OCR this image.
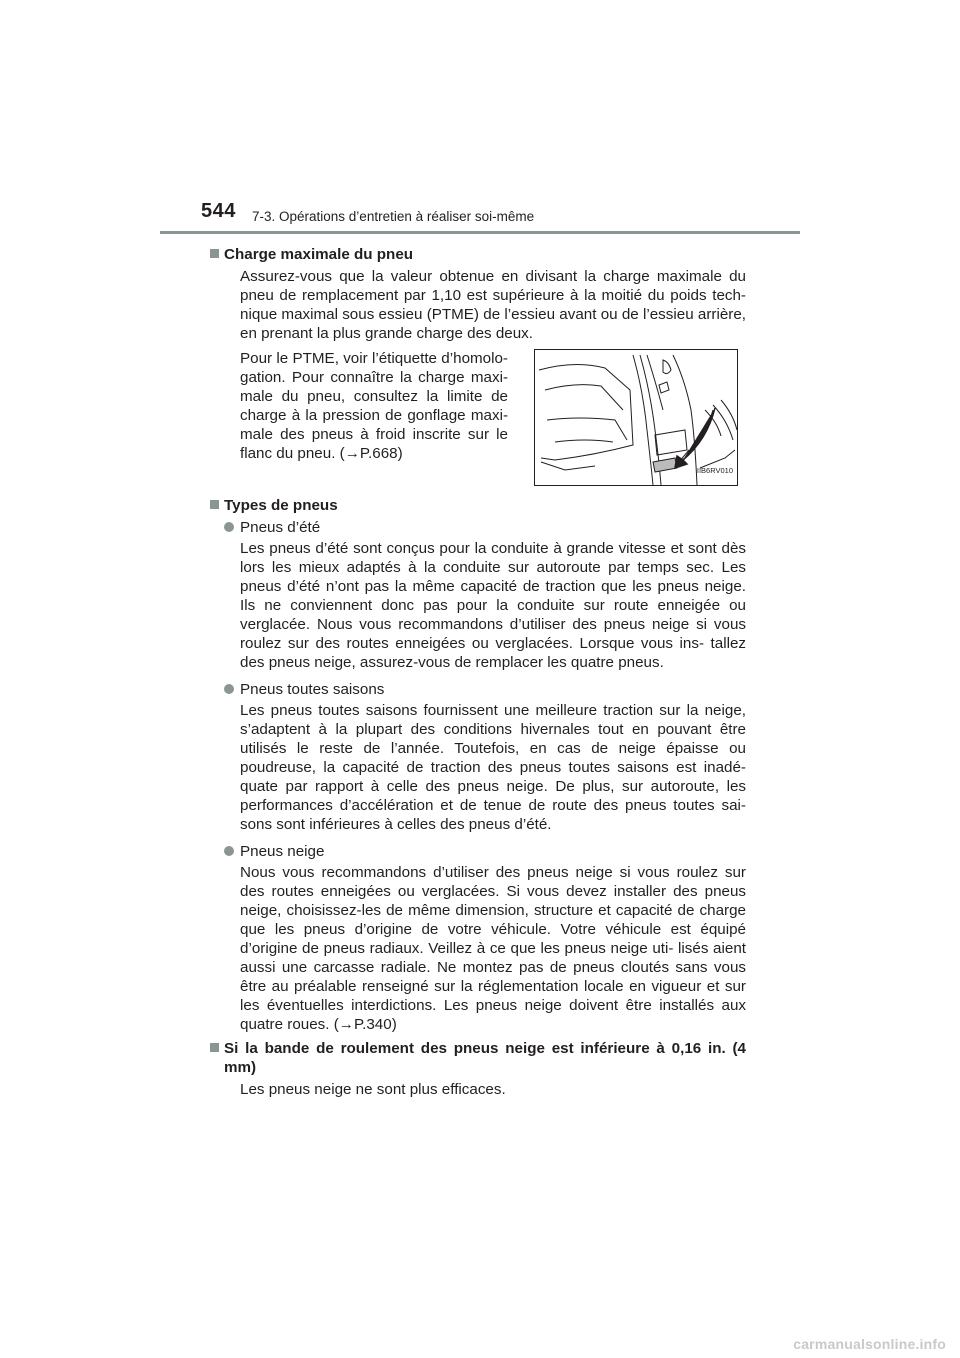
544 7-3. Opérations d’entretien à réaliser soi-même
Charge maximale du pneu
Assurez-vous que la valeur obtenue en divisant la charge maximale du pneu de remplacement par 1,10 est supérieure à la moitié du poids tech- nique maximal sous essieu (PTME) de l’essieu avant ou de l’essieu arrière, en prenant la plus grande charge des deux.
Pour le PTME, voir l’étiquette d’homolo- gation. Pour connaître la charge maxi- male du pneu, consultez la limite de charge à la pression de gonflage maxi- male des pneus à froid inscrite sur le flanc du pneu. (→P.668)
IIB6RV010
Types de pneus
Pneus d’été
Les pneus d’été sont conçus pour la conduite à grande vitesse et sont dès lors les mieux adaptés à la conduite sur autoroute par temps sec. Les pneus d’été n’ont pas la même capacité de traction que les pneus neige. Ils ne conviennent donc pas pour la conduite sur route enneigée ou verglacée. Nous vous recommandons d’utiliser des pneus neige si vous roulez sur des routes enneigées ou verglacées. Lorsque vous ins- tallez des pneus neige, assurez-vous de remplacer les quatre pneus.
Pneus toutes saisons
Les pneus toutes saisons fournissent une meilleure traction sur la neige, s’adaptent à la plupart des conditions hivernales tout en pouvant être utilisés le reste de l’année. Toutefois, en cas de neige épaisse ou poudreuse, la capacité de traction des pneus toutes saisons est inadé- quate par rapport à celle des pneus neige. De plus, sur autoroute, les performances d’accélération et de tenue de route des pneus toutes sai- sons sont inférieures à celles des pneus d’été.
Pneus neige
Nous vous recommandons d’utiliser des pneus neige si vous roulez sur des routes enneigées ou verglacées. Si vous devez installer des pneus neige, choisissez-les de même dimension, structure et capacité de charge que les pneus d’origine de votre véhicule. Votre véhicule est équipé d’origine de pneus radiaux. Veillez à ce que les pneus neige uti- lisés aient aussi une carcasse radiale. Ne montez pas de pneus cloutés sans vous être au préalable renseigné sur la réglementation locale en vigueur et sur les éventuelles interdictions. Les pneus neige doivent être installés aux quatre roues. (→P.340)
Si la bande de roulement des pneus neige est inférieure à 0,16 in. (4 mm)
Les pneus neige ne sont plus efficaces.
carmanualsonline.info
